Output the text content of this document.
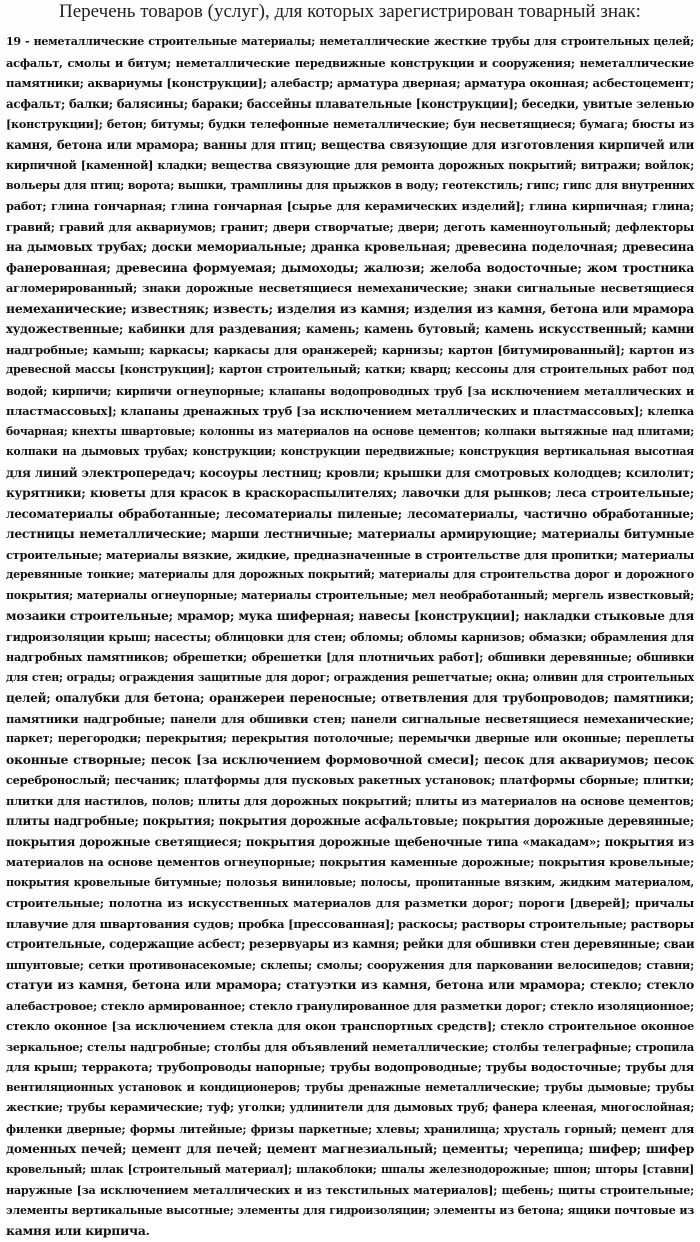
Перечень товаров (услуг), для которых зарегистрирован товарный знак:
19 - неметаллические строительные материалы; неметаллические жесткие трубы для строительных целей;
асфальт, смолы и битум; неметаллические передвижные конструкции и сооружения; неметаллические
памятники; аквариумы [конструкции]; алебастр; арматура дверная; арматура оконная; асбестоцемент;
асфальт; балки; балясины; бараки; бассейны плавательные [конструкции]; беседки, увитые зеленью
[конструкции]; бетон; битумы; будки телефонные неметаллические; буи несветящиеся; бумага; бюсты из
камня, бетона или мрамора; ванны для птиц; вещества связующие для изготовления кирпичей или
кирпичной [каменной] кладки; вещества связующие для ремонта дорожных покрытий; витражи; войлок;
вольеры для птиц; ворота; вышки, трамплины для прыжков в воду; геотекстиль; гипс; гипс для внутренних
работ; глина гончарная; глина гончарная [сырье для керамических изделий]; глина кирпичная; глина;
гравий; гравий для аквариумов; гранит; двери створчатые; двери; деготь каменноугольный; дефлекторы
на дымовых трубах; доски мемориальные; дранка кровельная; древесина поделочная; древесина
фанерованная; древесина формуемая; дымоходы; жалюзи; желоба водосточные; жом тростника
агломерированный; знаки дорожные несветящиеся немеханические; знаки сигнальные несветящиеся
немеханические; известняк; известь; изделия из камня; изделия из камня, бетона или мрамора
художественные; кабинки для раздевания; камень; камень бутовый; камень искусственный; камни
надгробные; камыш; каркасы; каркасы для оранжерей; карнизы; картон [битумированный]; картон из
древесной массы [конструкции]; картон строительный; катки; кварц; кессоны для строительных работ под
водой; кирпичи; кирпичи огнеупорные; клапаны водопроводных труб [за исключением металлических и
пластмассовых]; клапаны дренажных труб [за исключением металлических и пластмассовых]; клепка
бочарная; кнехты швартовые; колонны из материалов на основе цементов; колпаки вытяжные над плитами;
колпаки на дымовых трубах; конструкции; конструкции передвижные; конструкция вертикальная высотная
для линий электропередач; косоуры лестниц; кровли; крышки для смотровых колодцев; ксилолит;
курятники; кюветы для красок в краскораспылителях; лавочки для рынков; леса строительные;
лесоматериалы обработанные; лесоматериалы пиленые; лесоматериалы, частично обработанные;
лестницы неметаллические; марши лестничные; материалы армирующие; материалы битумные
строительные; материалы вязкие, жидкие, предназначенные в строительстве для пропитки; материалы
деревянные тонкие; материалы для дорожных покрытий; материалы для строительства дорог и дорожного
покрытия; материалы огнеупорные; материалы строительные; мел необработанный; мергель известковый;
мозаики строительные; мрамор; мука шиферная; навесы [конструкции]; накладки стыковые для
гидроизоляции крыш; насесты; облицовки для стен; обломы; обломы карнизов; обмазки; обрамления для
надгробных памятников; обрешетки; обрешетки [для плотничьих работ]; обшивки деревянные; обшивки
для стен; ограды; ограждения защитные для дорог; ограждения решетчатые; окна; оливин для строительных
целей; опалубки для бетона; оранжереи переносные; ответвления для трубопроводов; памятники;
памятники надгробные; панели для обшивки стен; панели сигнальные несветящиеся немеханические;
паркет; перегородки; перекрытия; перекрытия потолочные; перемычки дверные или оконные; переплеты
оконные створные; песок [за исключением формовочной смеси]; песок для аквариумов; песок
серебронослый; песчаник; платформы для пусковых ракетных установок; платформы сборные; плитки;
плитки для настилов, полов; плиты для дорожных покрытий; плиты из материалов на основе цементов;
плиты надгробные; покрытия; покрытия дорожные асфальтовые; покрытия дорожные деревянные;
покрытия дорожные светящиеся; покрытия дорожные щебеночные типа «макадам»; покрытия из
материалов на основе цементов огнеупорные; покрытия каменные дорожные; покрытия кровельные;
покрытия кровельные битумные; полозья виниловые; полосы, пропитанные вязким, жидким материалом,
строительные; полотна из искусственных материалов для разметки дорог; пороги [дверей]; причалы
плавучие для швартования судов; пробка [прессованная]; раскосы; растворы строительные; растворы
строительные, содержащие асбест; резервуары из камня; рейки для обшивки стен деревянные; сваи
шпунтовые; сетки противонасекомые; склепы; смолы; сооружения для парковании велосипедов; ставни;
статуи из камня, бетона или мрамора; статуэтки из камня, бетона или мрамора; стекло; стекло
алебастровое; стекло армированное; стекло гранулированное для разметки дорог; стекло изоляционное;
стекло оконное [за исключением стекла для окон транспортных средств]; стекло строительное оконное
зеркальное; стелы надгробные; столбы для объявлений неметаллические; столбы телеграфные; стропила
для крыш; терракота; трубопроводы напорные; трубы водопроводные; трубы водосточные; трубы для
вентиляционных установок и кондиционеров; трубы дренажные неметаллические; трубы дымовые; трубы
жесткие; трубы керамические; туф; уголки; удлинители для дымовых труб; фанера клееная, многослойная;
филенки дверные; формы литейные; фризы паркетные; хлевы; хранилища; хрусталь горный; цемент для
доменных печей; цемент для печей; цемент магнезиальный; цементы; черепица; шифер; шифер
кровельный; шлак [строительный материал]; шлакоблоки; шпалы железнодорожные; шпон; шторы [ставни]
наружные [за исключением металлических и из текстильных материалов]; щебень; щиты строительные;
элементы вертикальные высотные; элементы для гидроизоляции; элементы из бетона; ящики почтовые из
камня или кирпича.
